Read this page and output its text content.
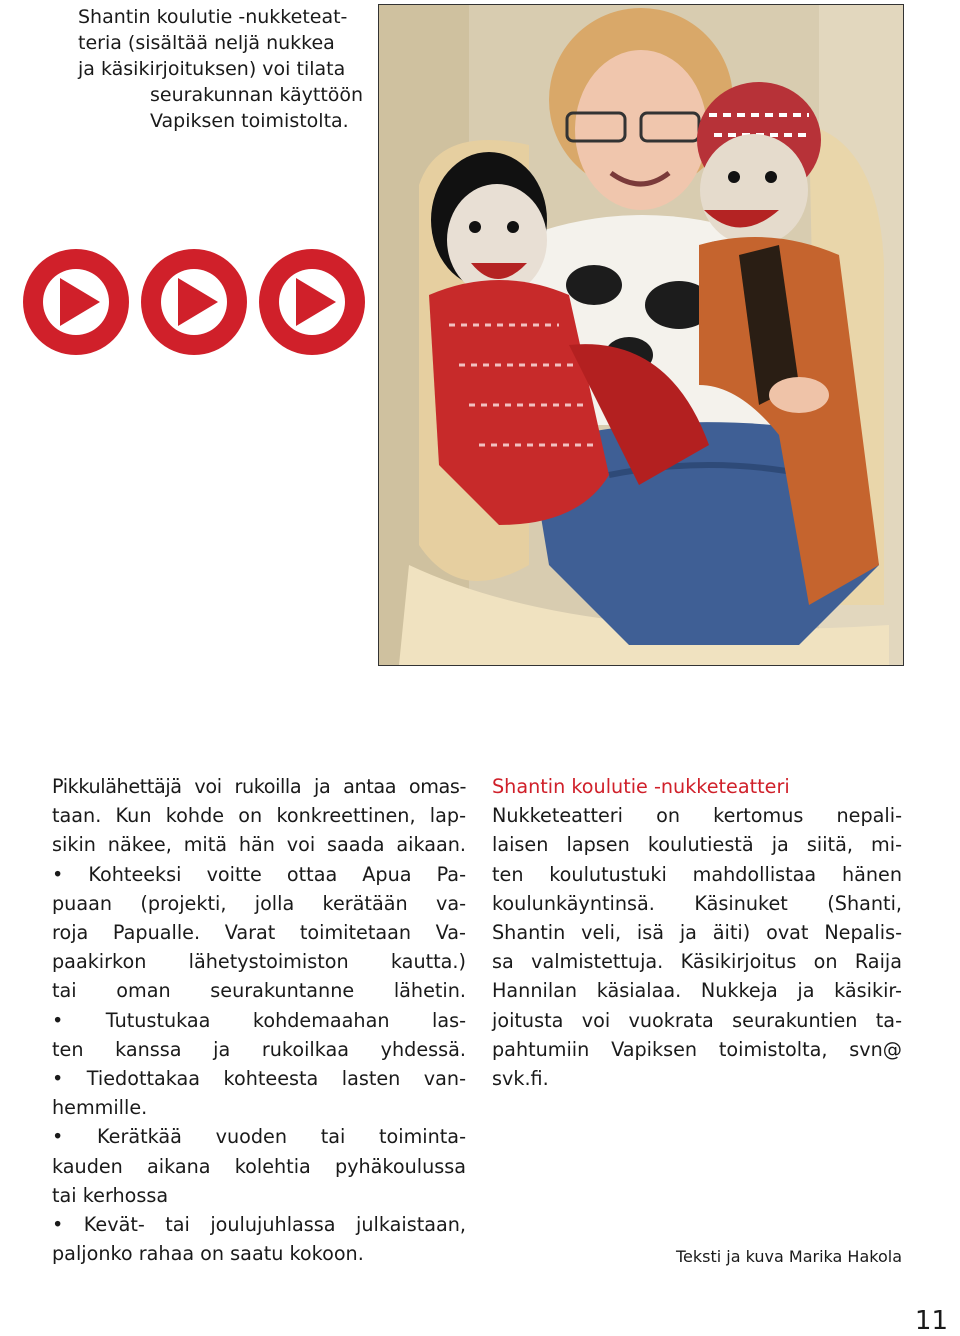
Shantin koulutie -nukketeat-
teria (sisältää neljä nukkea
ja käsikirjoituksen) voi tilata
seurakunnan käyttöön
Vapiksen toimistolta.
Pikkulähettäjä voi rukoilla ja antaa omas-
taan. Kun kohde on konkreettinen, lap-
sikin näkee, mitä hän voi saada aikaan.
• Kohteeksi voitte ottaa Apua Pa-
puaan (projekti, jolla kerätään va-
roja Papualle. Varat toimitetaan Va-
paakirkon lähetystoimiston kautta.)
tai oman seurakuntanne lähetin.
• Tutustukaa kohdemaahan las-
ten kanssa ja rukoilkaa yhdessä.
• Tiedottakaa kohteesta lasten van-
hemmille.
• Kerätkää vuoden tai toiminta-
kauden aikana kolehtia pyhäkoulussa
tai kerhossa
• Kevät- tai joulujuhlassa julkaistaan,
paljonko rahaa on saatu kokoon.
Shantin koulutie -nukketeatteri
Nukketeatteri on kertomus nepali-
laisen lapsen koulutiestä ja siitä, mi-
ten koulutustuki mahdollistaa hänen
koulunkäyntinsä. Käsinuket (Shanti,
Shantin veli, isä ja äiti) ovat Nepalis-
sa valmistettuja. Käsikirjoitus on Raija
Hannilan käsialaa. Nukkeja ja käsikir-
joitusta voi vuokrata seurakuntien ta-
pahtumiin Vapiksen toimistolta, svn@
svk.fi.
Teksti ja kuva Marika Hakola
11
